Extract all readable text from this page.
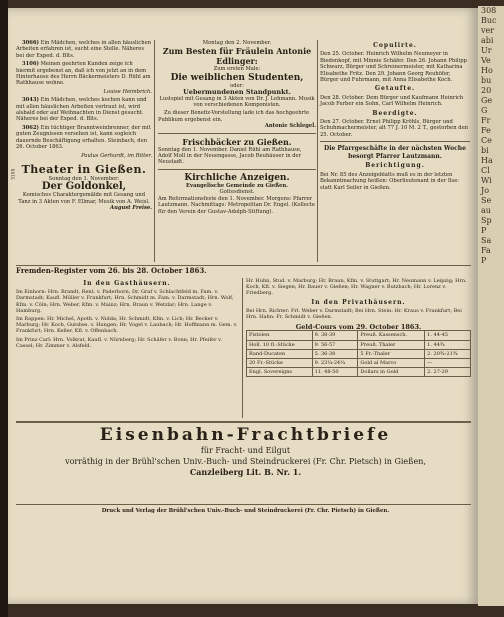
3066) Ein Mädchen, welches in allen häuslichen Arbeiten erfahren ist, sucht eine Stelle. Näheres bei der Exped. d. Blts.

3106) Meinen geehrten Kunden zeige ich hiermit ergebenst an, daß ich von jetzt an in dem Hinterhause des Herrn Bäckermeisters D. Rühl am Rathhause wohne.

Louise Heimbrich.

3043) Ein Mädchen, welches kochen kann und mit allen häuslichen Arbeiten vertraut ist, wird alsbald oder auf Weihnachten in Dienst gesucht. Näheres bei der Exped. d. Blts.

3062) Ein tüchtiger Branntweinbrenner, der mit guten Zeugnissen versehen ist, kann sogleich dauernde Beschäftigung erhalten. Steinbach, den 26. October 1863.

Paulus Gerhardt, im Ritter.

3105 Theater in Gießen.
Sonntag den 1. November:
Der Goldonkel,
Komisches Charaktergemälde mit Gesang und Tanz in 3 Akten von F. Ellmar, Musik von A. Weisl.
August Freise.
Montag den 2. November.
Zum Besten für Fräulein Antonie Edlinger:
Zum ersten Male:
Die weiblichen Studenten,
oder:
Uebermundenen Standpunkt.
Lustspiel mit Gesang in 3 Akten von Dr. J. Lehmann. Musik von verschiedenen Komponisten.
Zu dieser Benefiz-Vorstellung lade ich das hochgeehrte Publikum ergebenst ein.
Antonie Schlegel.
Frischbäcker zu Gießen.
Sonntag den 1. November. Daniel Rühl am Rathhause, Adolf Moll in der Neuengasse, Jacob Reuhäuser in der Neustadt.
Kirchliche Anzeigen.
Evangelische Gemeinde zu Gießen.
Gottesdienst.
Am Reformationsfeste den 1. November. Morgens: Pfarrer Lautzmann. Nachmittags: Metropolitan Dr. Engel. (Kollecte für den Verein der Gustav-Adolph-Stiftung).
Copulirte.
Den 25. October. Heinrich Wilhelm Neumeyer in Biedenkopf, mit Minnie Schäfer. Den 26. Johann Philipp Schwarz, Bürger und Schreinermeister, mit Katharina Elisabethe Fritz. Den 29. Johann Georg Reuhöfer, Bürger und Fuhrmann, mit Anna Elisabethe Koch.
Getaufte.
Den 28. October. Dem Bürger und Kaufmann Heinrich Jacob Ferber ein Sohn, Carl Wilhelm Heinrich.
Beerdigte.
Den 27. October. Ernst Philipp Kröhls, Bürger und Schuhmachermeister, alt 77 J. 10 M. 2 T., gestorben den 25. October.
Die Pfarrgeschäfte in der nächsten Woche besorgt Pfarrer Lautzmann.
Berichtigung.
Bei Nr. 85 des Anzeigeblatts muß es in der letzten Bekanntmachung heißen: Oberlieutenant in der Ilse: statt Karl Seiler in Gießen.
Fremden-Register vom 26. bis 28. October 1863.
In den Gasthäusern.
Im Einhorn: Hrn. Brandt, Rent. v. Paderborn; Dr. Graf v. Schlachtfeld m. Fam. v. Darmstadt; Kaufl. Müller v. Frankfurt; Hrn. Schmidt m. Fam. v. Darmstadt; Hrn. Wolf, Kfm. v. Cöln; Hrn. Weber, Kfm. v. Mainz; Hrn. Braun v. Wetzlar; Hrn. Lange v. Hamburg.
Im Rappen: Hr. Michel, Apoth. v. Nidda; Hr. Schmidt, Kfm. v. Lich; Hr. Becker v. Marburg; Hr. Koch, Gutsbes. v. Hungen; Hr. Vogel v. Laubach; Hr. Hoffmann m. Gem. v. Frankfurt; Hrn. Keller, Kfl. v. Offenbach.
Im Prinz Carl: Hrn. Volkrat, Kaufl. v. Nürnberg; Hr. Schäfer v. Bonn; Hr. Pfeifer v. Cassel; Hr. Zimmer v. Alsfeld.
Hr. Huhn, Stud. v. Marburg; Hr. Braun, Kfm. v. Stuttgart; Hr. Neumann v. Leipzig; Hrn. Koch, Kfl. v. Siegen; Hr. Bauer v. Gießen; Hr. Wagner v. Butzbach; Hr. Lorenz v. Friedberg.
In den Privathäusern.
Bei Hrn. Richter: Frl. Weber v. Darmstadt; Bei Hrn. Stein: Hr. Kraus v. Frankfurt; Bei Hrn. Hahn: Fr. Schmidt v. Gießen.
Geld-Cours vom 29. October 1863.
Pistolen	9. 38-39	Preuß. Kassensch.	1. 44-45
Holl. 10 fl.-Stücke	9. 56-57	Preuß. Thaler	1. 44¾
Rand-Ducaten	5. 36-38	5 Fr.-Thaler	2. 20¾-21¾
20 Fr.-Stücke	9. 23¼-24¼	Gold al Marco	—
Engl. Sovereigns	11. 48-50	Dollars in Gold	2. 27-29
Eisenbahn-Frachtbriefe
für Fracht- und Eilgut
vorräthig in der Brühl'schen Univ.-Buch- und Steindruckerei (Fr. Chr. Pietsch) in Gießen,
Canzleiberg Lit. B. Nr. 1.
Druck und Verlag der Brühl'schen Univ.-Buch- und Steindruckerei (Fr. Chr. Pietsch) in Gießen.
308
Buc
ver
abi
Ur
Ve
Ho
bu
20
Ge
G
Fr
Fe
Ce
bi
Ha
Cl
Wi
Jo
Se
au
Sp
P
Sa
Fa
P
